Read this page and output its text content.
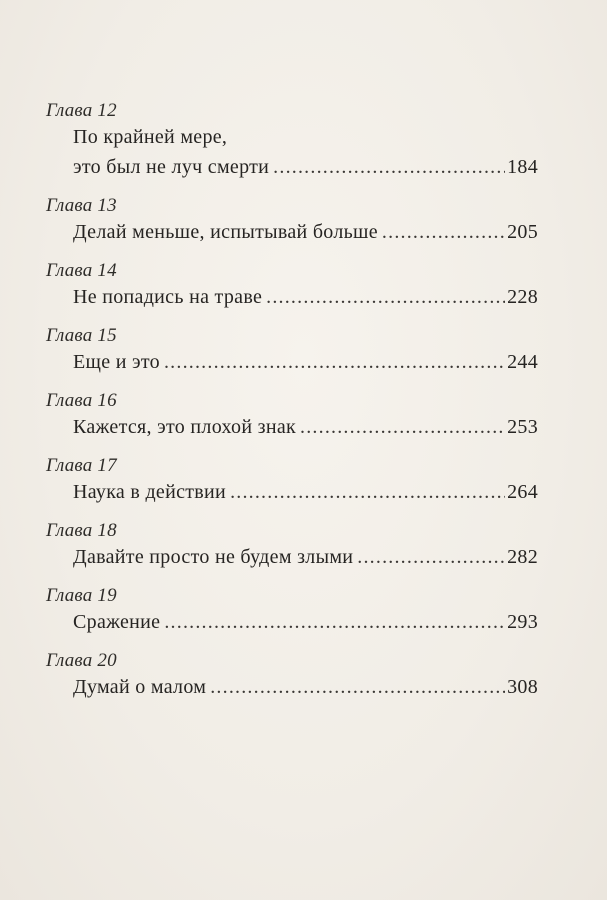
Глава 12
По крайней мере,
это был не луч смерти .....	184
Глава 13
Делай меньше, испытывай больше .....	205
Глава 14
Не попадись на траве .....	228
Глава 15
Еще и это .....	244
Глава 16
Кажется, это плохой знак .....	253
Глава 17
Наука в действии .....	264
Глава 18
Давайте просто не будем злыми .....	282
Глава 19
Сражение .....	293
Глава 20
Думай о малом .....	308
